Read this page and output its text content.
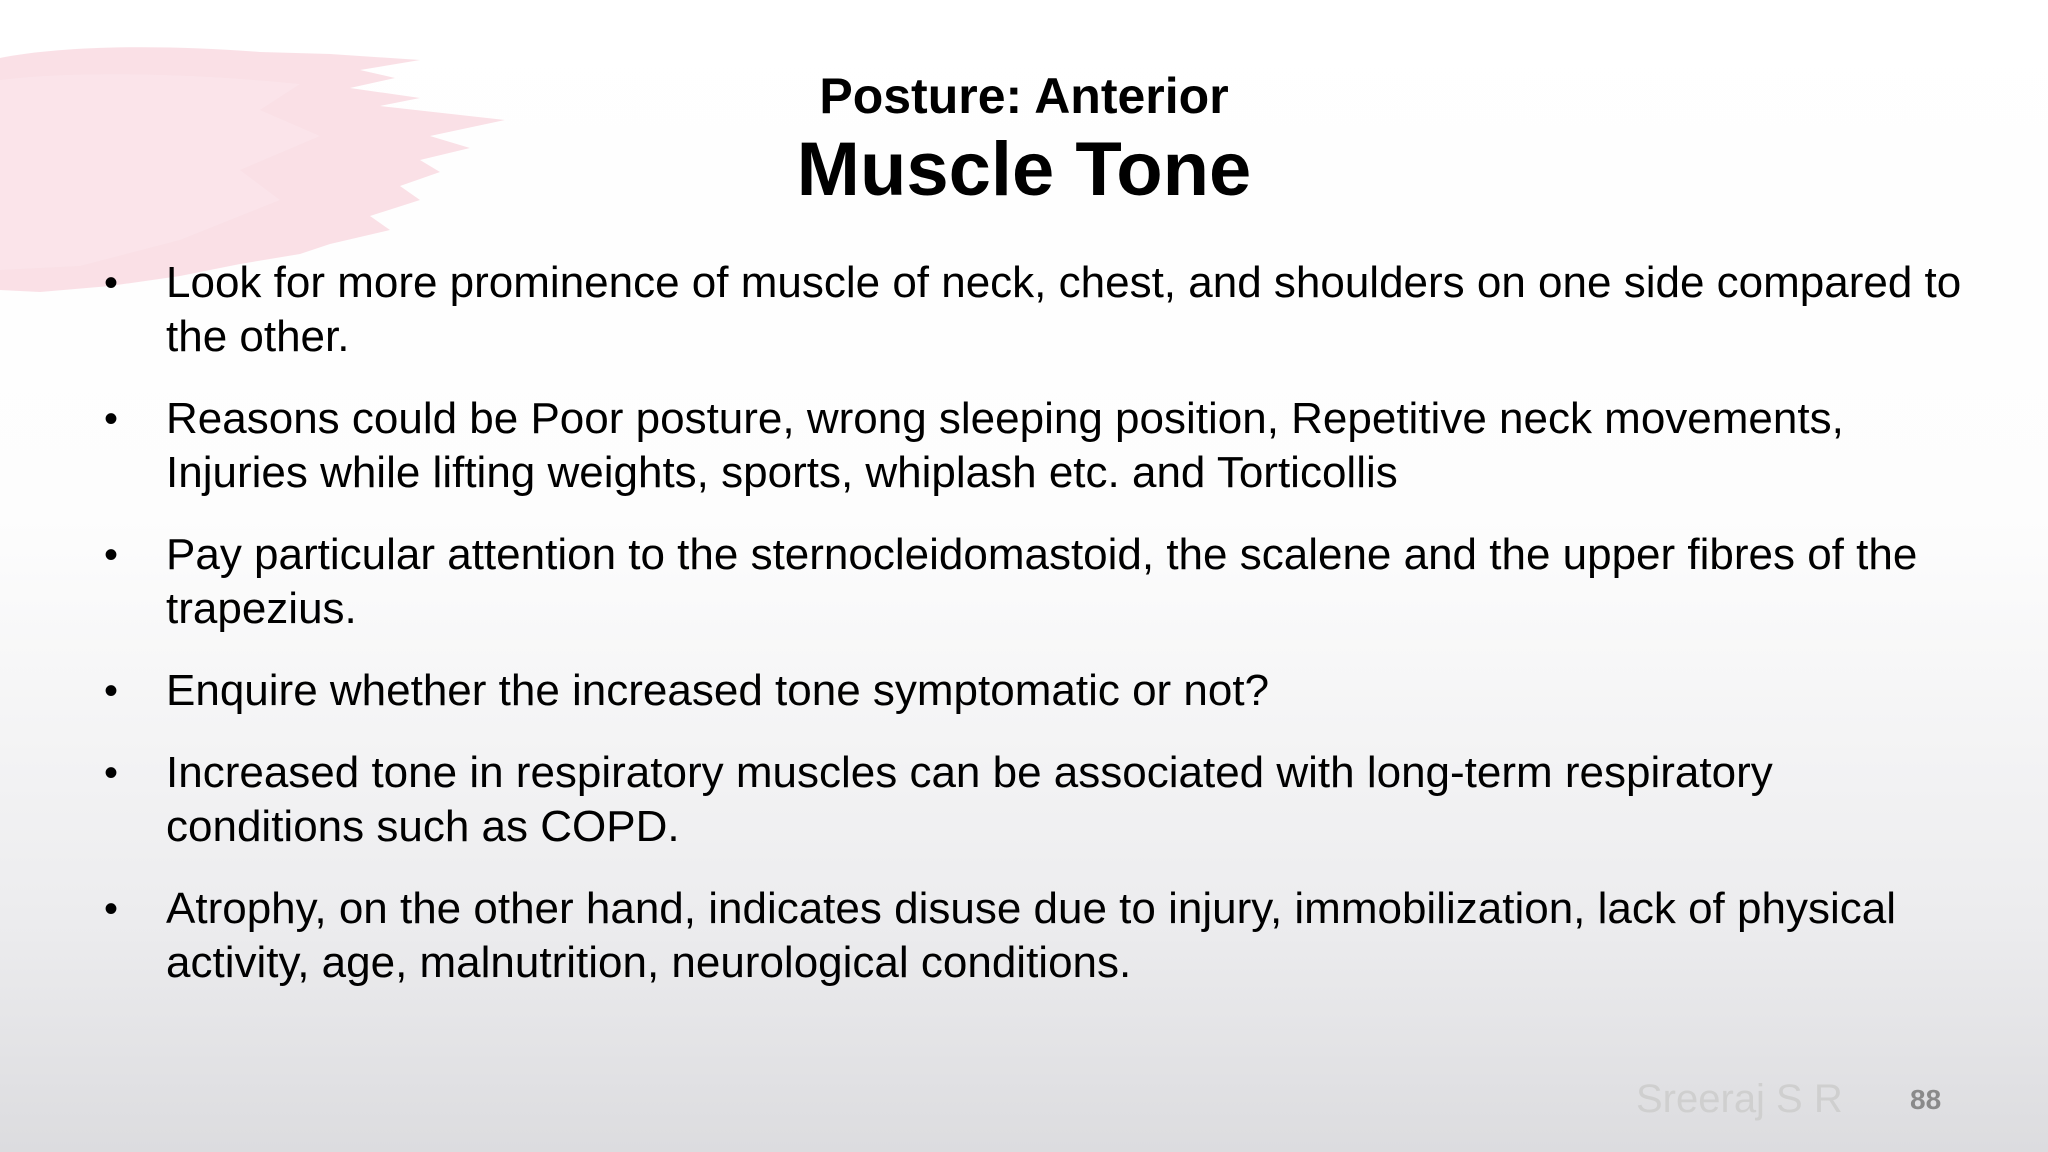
Posture: Anterior
Muscle Tone
•	Look for more prominence of muscle of neck, chest, and shoulders on one side compared to the other.
•	Reasons could be Poor posture, wrong sleeping position, Repetitive neck movements, Injuries while lifting weights, sports, whiplash etc. and Torticollis
•	Pay particular attention to the sternocleidomastoid, the scalene and the upper fibres of the trapezius.
•	Enquire whether the increased tone symptomatic or not?
•	Increased tone in respiratory muscles can be associated with long-term respiratory conditions such as COPD.
•	Atrophy, on the other hand, indicates disuse due to injury, immobilization, lack of physical activity, age, malnutrition, neurological conditions.
Sreeraj S R 88
